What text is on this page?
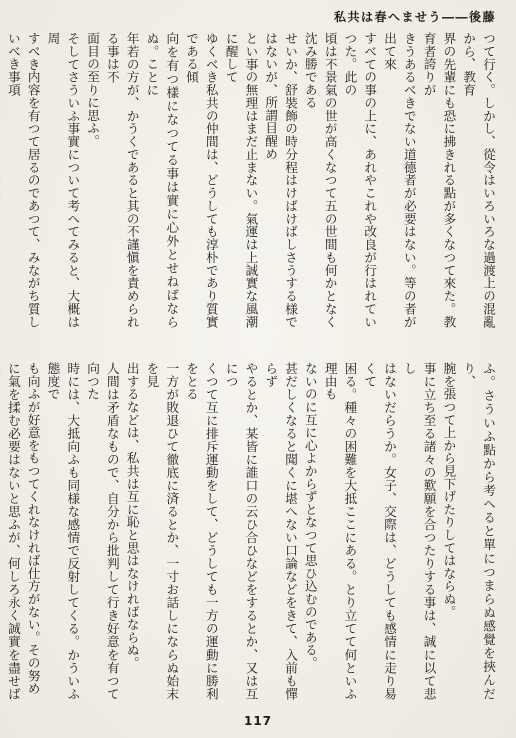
私共は春へませう――後藤
つて行く。しかし、從令はいろいろな過渡上の混亂から、教育
界の先輩にも恐に拂きれる點が多くなつて來た。教育者誇りが
きうあるべきでない道德者が必要はない。等の者が出て來
すべての事の上に、あれやこれや改良が行はれていつた。此の
頃は不景氣の世が高くなつて五の世間も何かとなく沈み勝である
せいか、舒裝飾の時分程はけばけばしさうする様ではないが、所謂目醒め
とい事の無理はまだ止まない。氣運は上誠實な風潮に醒して
ゆくべき私共の仲間は、どうしても淳朴であり質實である傾
向を有つ樣になつてる事は實に心外とせねばならぬ。ことに
年若の方が、かうくであると其の不謹愼を責められる事は不
面目の至りに思ふ。
そしてさういふ事實について考へてみると、大概は周
すべき内容を有つて居るのであつて、みながち質しいべき事項
ふ。さういふ點から考へると單につまらぬ感覺を挾んだり、
腕を張つて上から見下げたりしてはならぬ。
事に立ち至る諸々の歎願を合つたりする事は、誠に以て悲し
はないだらうか。女子、交際は、どうしても感情に走り易くて
困る。種々の困難を大抵ここにある。とり立てて何といふ理由も
ないのに互に心よからずとなつて思ひ込むのである。
甚だしくなると聞くに堪へない口論などをきて、入前も憚らず
やるとか、某皆に誰口の云ひ合ひなどをするとか、又は互につ
くつて互に排斥運動をして、どうしても一方の運動に勝利をとる
一方が敗退ひて徹底に済るとか、一寸お話しにならぬ始末を見
出するなどは、私共は互に恥と思はなければならぬ。
人間は矛盾なもので、自分から批判して行き好意を有つて向つた
時には、大抵向ふも同様な感情で反射してくる。かういふ態度で
も向ふが好意をもつてくれなければ仕方がない。その努め
に氣を揉む必要はないと思ふが、何しろ永く誠實を盡せば
117
